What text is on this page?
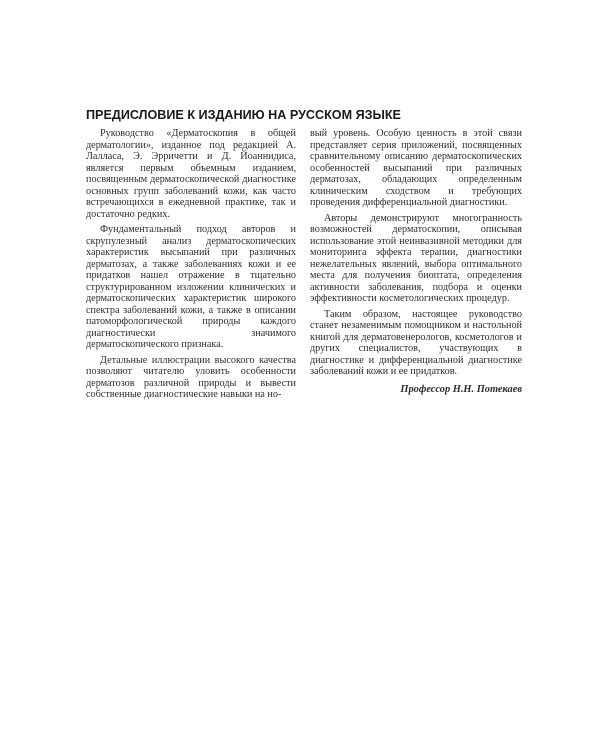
ПРЕДИСЛОВИЕ К ИЗДАНИЮ НА РУССКОМ ЯЗЫКЕ

Руководство «Дерматоскопия в общей дерматологии», изданное под редакцией А. Лалласа, Э. Эрричетти и Д. Йоаннидиса, является первым объемным изданием, посвященным дерматоскопической диагностике основных групп заболеваний кожи, как часто встречающихся в ежедневной практике, так и достаточно редких.

Фундаментальный подход авторов и скрупулезный анализ дерматоскопических характеристик высыпаний при различных дерматозах, а также заболеваниях кожи и ее придатков нашел отражение в тщательно структурированном изложении клинических и дерматоскопических характеристик широкого спектра заболеваний кожи, а также в описании патоморфологической природы каждого диагностически значимого дерматоскопического признака.

Детальные иллюстрации высокого качества позволяют читателю уловить особенности дерматозов различной природы и вывести собственные диагностические навыки на но-

вый уровень. Особую ценность в этой связи представляет серия приложений, посвященных сравнительному описанию дерматоскопических особенностей высыпаний при различных дерматозах, обладающих определенным клиническим сходством и требующих проведения дифференциальной диагностики.

Авторы демонстрируют многогранность возможностей дерматоскопии, описывая использование этой неинвазивной методики для мониторинга эффекта терапии, диагностики нежелательных явлений, выбора оптимального места для получения биоптата, определения активности заболевания, подбора и оценки эффективности косметологических процедур.

Таким образом, настоящее руководство станет незаменимым помощником и настольной книгой для дерматовенерологов, косметологов и других специалистов, участвующих в диагностике и дифференциальной диагностике заболеваний кожи и ее придатков.

Профессор Н.Н. Потекаев
